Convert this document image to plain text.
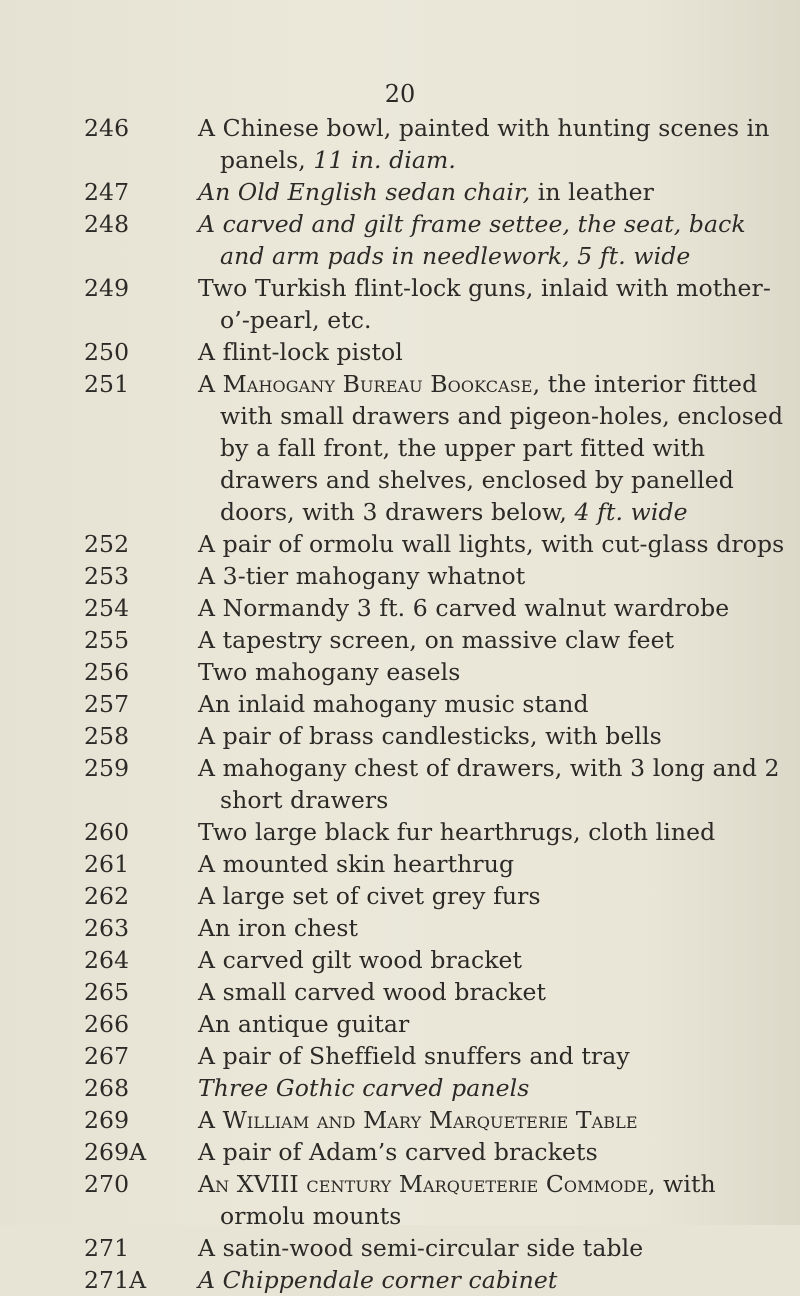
20
246	A Chinese bowl, painted with hunting scenes in panels, 11 in. diam.
247	An Old English sedan chair, in leather
248	A carved and gilt frame settee, the seat, back and arm pads in needlework, 5 ft. wide
249	Two Turkish flint-lock guns, inlaid with mother-o’-pearl, etc.
250	A flint-lock pistol
251	A Mahogany Bureau Bookcase, the interior fitted with small drawers and pigeon-holes, enclosed by a fall front, the upper part fitted with drawers and shelves, enclosed by panelled doors, with 3 drawers below, 4 ft. wide
252	A pair of ormolu wall lights, with cut-glass drops
253	A 3-tier mahogany whatnot
254	A Normandy 3 ft. 6 carved walnut wardrobe
255	A tapestry screen, on massive claw feet
256	Two mahogany easels
257	An inlaid mahogany music stand
258	A pair of brass candlesticks, with bells
259	A mahogany chest of drawers, with 3 long and 2 short drawers
260	Two large black fur hearthrugs, cloth lined
261	A mounted skin hearthrug
262	A large set of civet grey furs
263	An iron chest
264	A carved gilt wood bracket
265	A small carved wood bracket
266	An antique guitar
267	A pair of Sheffield snuffers and tray
268	Three Gothic carved panels
269	A William and Mary Marqueterie Table
269A A pair of Adam’s carved brackets
270	An XVIII century Marqueterie Commode, with ormolu mounts
271	A satin-wood semi-circular side table
271A A Chippendale corner cabinet
